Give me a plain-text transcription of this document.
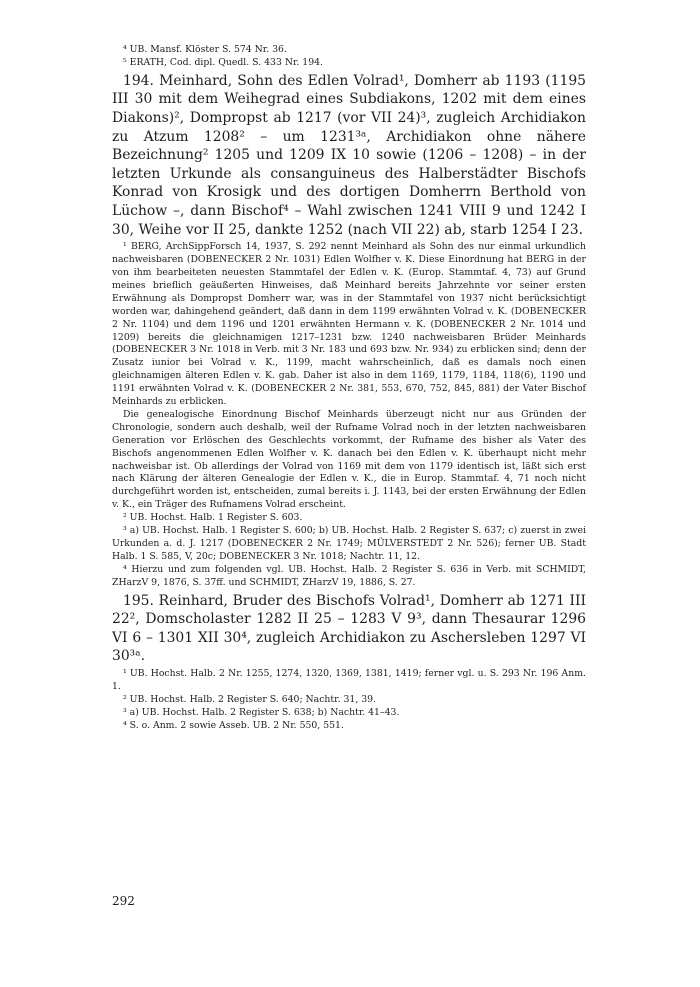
⁴ UB. Mansf. Klöster S. 574 Nr. 36.

⁵ ERATH, Cod. dipl. Quedl. S. 433 Nr. 194.

194. Meinhard, Sohn des Edlen Volrad¹, Domherr ab 1193 (1195 III 30 mit dem Weihegrad eines Subdiakons, 1202 mit dem eines Diakons)², Dompropst ab 1217 (vor VII 24)³, zugleich Archidiakon zu Atzum 1208² – um 1231³ᵃ, Archidiakon ohne nähere Bezeichnung² 1205 und 1209 IX 10 sowie (1206 – 1208) – in der letzten Urkunde als consanguineus des Halberstädter Bischofs Konrad von Krosigk und des dortigen Domherrn Berthold von Lüchow –, dann Bischof⁴ – Wahl zwischen 1241 VIII 9 und 1242 I 30, Weihe vor II 25, dankte 1252 (nach VII 22) ab, starb 1254 I 23.

¹ BERG, ArchSippForsch 14, 1937, S. 292 nennt Meinhard als Sohn des nur einmal urkundlich nachweisbaren (DOBENECKER 2 Nr. 1031) Edlen Wolfher v. K. Diese Einordnung hat BERG in der von ihm bearbeiteten neuesten Stammtafel der Edlen v. K. (Europ. Stammtaf. 4, 73) auf Grund meines brieflich geäußerten Hinweises, daß Meinhard bereits Jahrzehnte vor seiner ersten Erwähnung als Dompropst Domherr war, was in der Stammtafel von 1937 nicht berücksichtigt worden war, dahingehend geändert, daß dann in dem 1199 erwähnten Volrad v. K. (DOBENECKER 2 Nr. 1104) und dem 1196 und 1201 erwähnten Hermann v. K. (DOBENECKER 2 Nr. 1014 und 1209) bereits die gleichnamigen 1217–1231 bzw. 1240 nachweisbaren Brüder Meinhards (DOBENECKER 3 Nr. 1018 in Verb. mit 3 Nr. 183 und 693 bzw. Nr. 934) zu erblicken sind; denn der Zusatz iunior bei Volrad v. K., 1199, macht wahrscheinlich, daß es damals noch einen gleichnamigen älteren Edlen v. K. gab. Daher ist also in dem 1169, 1179, 1184, 118(6), 1190 und 1191 erwähnten Volrad v. K. (DOBENECKER 2 Nr. 381, 553, 670, 752, 845, 881) der Vater Bischof Meinhards zu erblicken.

Die genealogische Einordnung Bischof Meinhards überzeugt nicht nur aus Gründen der Chronologie, sondern auch deshalb, weil der Rufname Volrad noch in der letzten nachweisbaren Generation vor Erlöschen des Geschlechts vorkommt, der Rufname des bisher als Vater des Bischofs angenommenen Edlen Wolfher v. K. danach bei den Edlen v. K. überhaupt nicht mehr nachweisbar ist. Ob allerdings der Volrad von 1169 mit dem von 1179 identisch ist, läßt sich erst nach Klärung der älteren Genealogie der Edlen v. K., die in Europ. Stammtaf. 4, 71 noch nicht durchgeführt worden ist, entscheiden, zumal bereits i. J. 1143, bei der ersten Erwähnung der Edlen v. K., ein Träger des Rufnamens Volrad erscheint.

² UB. Hochst. Halb. 1 Register S. 603.

³ a) UB. Hochst. Halb. 1 Register S. 600; b) UB. Hochst. Halb. 2 Register S. 637; c) zuerst in zwei Urkunden a. d. J. 1217 (DOBENECKER 2 Nr. 1749; MÜLVERSTEDT 2 Nr. 526); ferner UB. Stadt Halb. 1 S. 585, V, 20c; DOBENECKER 3 Nr. 1018; Nachtr. 11, 12.

⁴ Hierzu und zum folgenden vgl. UB. Hochst. Halb. 2 Register S. 636 in Verb. mit SCHMIDT, ZHarzV 9, 1876, S. 37ff. und SCHMIDT, ZHarzV 19, 1886, S. 27.

195. Reinhard, Bruder des Bischofs Volrad¹, Domherr ab 1271 III 22², Domscholaster 1282 II 25 – 1283 V 9³, dann Thesaurar 1296 VI 6 – 1301 XII 30⁴, zugleich Archidiakon zu Aschersleben 1297 VI 30³ᵃ.

¹ UB. Hochst. Halb. 2 Nr. 1255, 1274, 1320, 1369, 1381, 1419; ferner vgl. u. S. 293 Nr. 196 Anm. 1.

² UB. Hochst. Halb. 2 Register S. 640; Nachtr. 31, 39.

³ a) UB. Hochst. Halb. 2 Register S. 638; b) Nachtr. 41–43.

⁴ S. o. Anm. 2 sowie Asseb. UB. 2 Nr. 550, 551.

292
